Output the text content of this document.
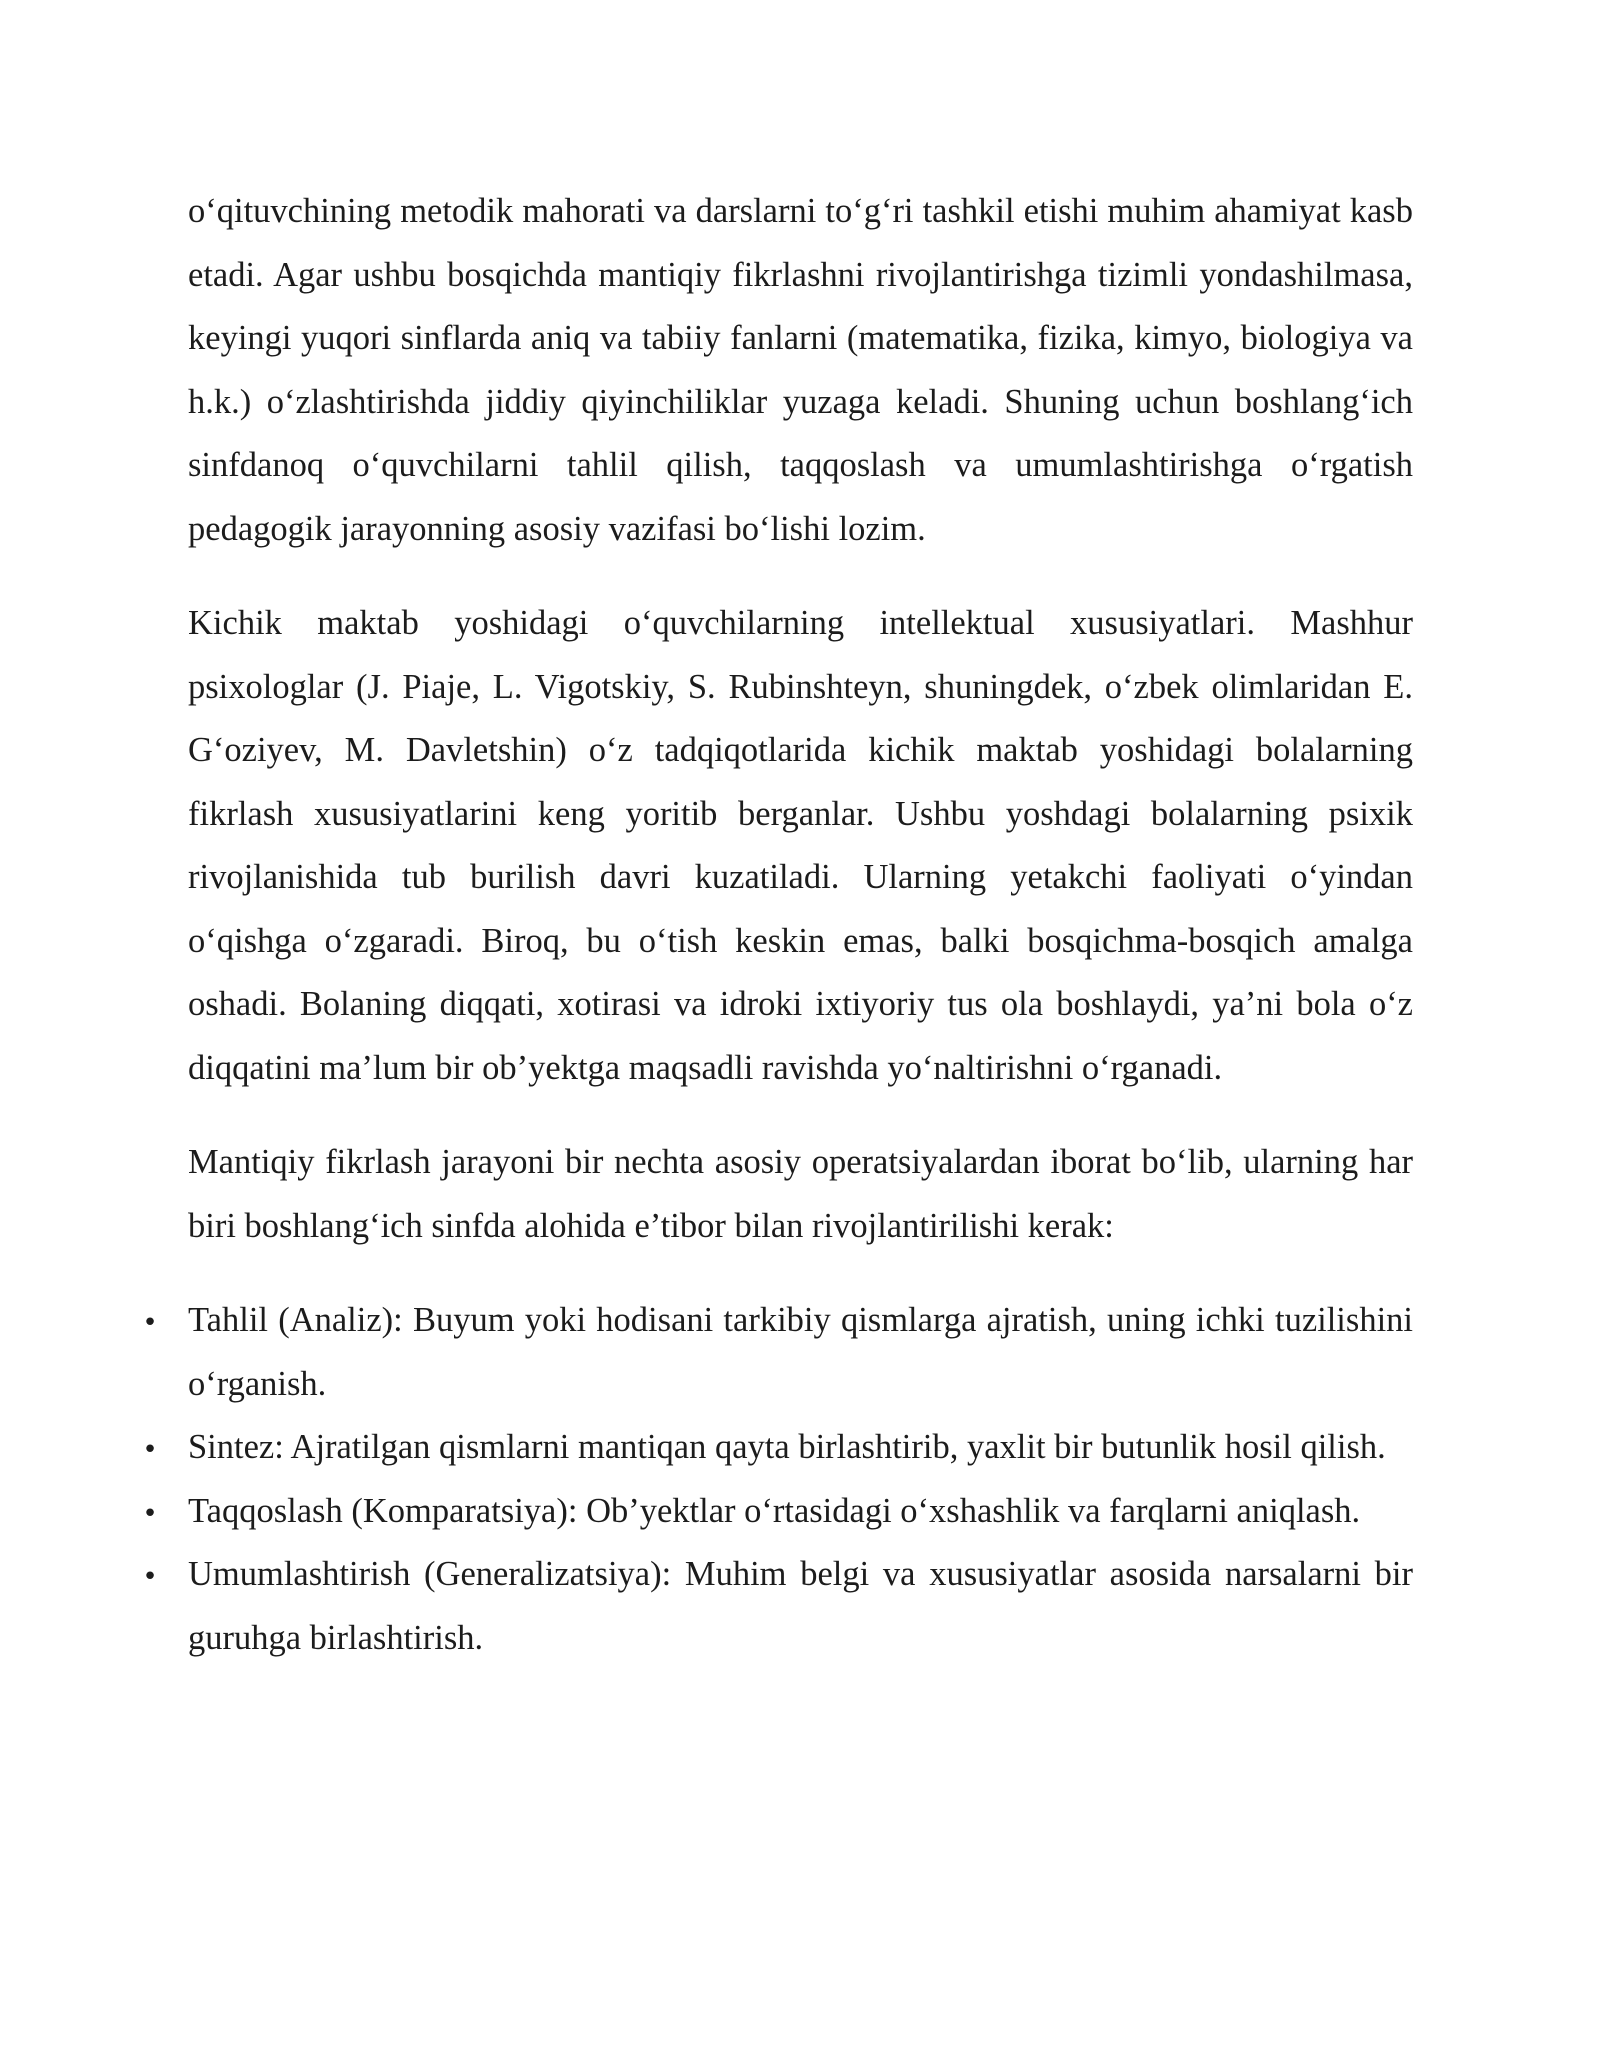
o‘qituvchining metodik mahorati va darslarni to‘g‘ri tashkil etishi muhim ahamiyat kasb etadi. Agar ushbu bosqichda mantiqiy fikrlashni rivojlantirishga tizimli yondashilmasa, keyingi yuqori sinflarda aniq va tabiiy fanlarni (matematika, fizika, kimyo, biologiya va h.k.) o‘zlashtirishda jiddiy qiyinchiliklar yuzaga keladi. Shuning uchun boshlang‘ich sinfdanoq o‘quvchilarni tahlil qilish, taqqoslash va umumlashtirishga o‘rgatish pedagogik jarayonning asosiy vazifasi bo‘lishi lozim.

Kichik maktab yoshidagi o‘quvchilarning intellektual xususiyatlari. Mashhur psixologlar (J. Piaje, L. Vigotskiy, S. Rubinshteyn, shuningdek, o‘zbek olimlaridan E. G‘oziyev, M. Davletshin) o‘z tadqiqotlarida kichik maktab yoshidagi bolalarning fikrlash xususiyatlarini keng yoritib berganlar. Ushbu yoshdagi bolalarning psixik rivojlanishida tub burilish davri kuzatiladi. Ularning yetakchi faoliyati o‘yindan o‘qishga o‘zgaradi. Biroq, bu o‘tish keskin emas, balki bosqichma-bosqich amalga oshadi. Bolaning diqqati, xotirasi va idroki ixtiyoriy tus ola boshlaydi, ya’ni bola o‘z diqqatini ma’lum bir ob’yektga maqsadli ravishda yo‘naltirishni o‘rganadi.

Mantiqiy fikrlash jarayoni bir nechta asosiy operatsiyalardan iborat bo‘lib, ularning har biri boshlang‘ich sinfda alohida e’tibor bilan rivojlantirilishi kerak:

•
Tahlil (Analiz): Buyum yoki hodisani tarkibiy qismlarga ajratish, uning ichki tuzilishini o‘rganish.
•
Sintez: Ajratilgan qismlarni mantiqan qayta birlashtirib, yaxlit bir butunlik hosil qilish.
•
Taqqoslash (Komparatsiya): Ob’yektlar o‘rtasidagi o‘xshashlik va farqlarni aniqlash.
•
Umumlashtirish (Generalizatsiya): Muhim belgi va xususiyatlar asosida narsalarni bir guruhga birlashtirish.
